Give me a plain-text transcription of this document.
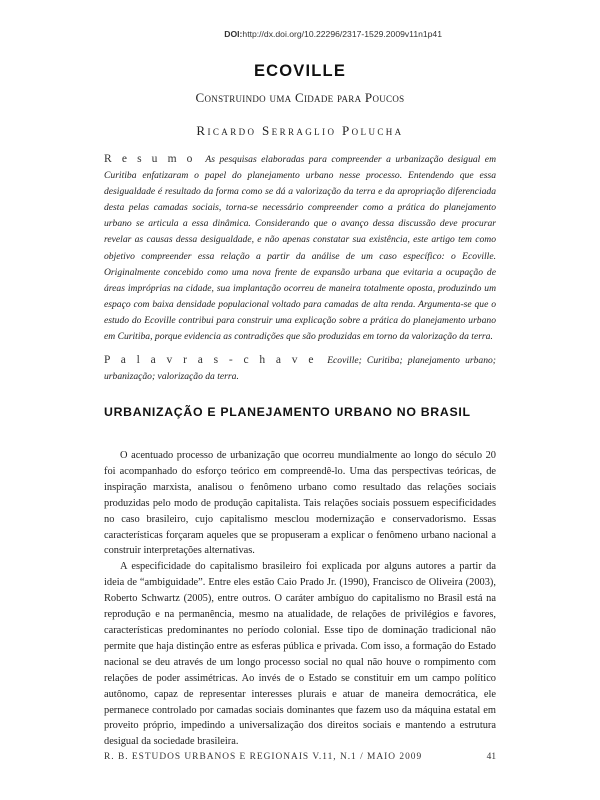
DOI:http://dx.doi.org/10.22296/2317-1529.2009v11n1p41
ECOVILLE
Construindo uma Cidade para Poucos
Ricardo Serraglio Polucha
R e s u m o As pesquisas elaboradas para compreender a urbanização desigual em Curitiba enfatizaram o papel do planejamento urbano nesse processo. Entendendo que essa desigualdade é resultado da forma como se dá a valorização da terra e da apropriação diferenciada desta pelas camadas sociais, torna-se necessário compreender como a prática do planejamento urbano se articula a essa dinâmica. Considerando que o avanço dessa discussão deve procurar revelar as causas dessa desigualdade, e não apenas constatar sua existência, este artigo tem como objetivo compreender essa relação a partir da análise de um caso específico: o Ecoville. Originalmente concebido como uma nova frente de expansão urbana que evitaria a ocupação de áreas impróprias na cidade, sua implantação ocorreu de maneira totalmente oposta, produzindo um espaço com baixa densidade populacional voltado para camadas de alta renda. Argumenta-se que o estudo do Ecoville contribui para construir uma explicação sobre a prática do planejamento urbano em Curitiba, porque evidencia as contradições que são produzidas em torno da valorização da terra.
P a l a v r a s - c h a v e Ecoville; Curitiba; planejamento urbano; urbanização; valorização da terra.
URBANIZAÇÃO E PLANEJAMENTO URBANO NO BRASIL

O acentuado processo de urbanização que ocorreu mundialmente ao longo do século 20 foi acompanhado do esforço teórico em compreendê-lo. Uma das perspectivas teóricas, de inspiração marxista, analisou o fenômeno urbano como resultado das relações sociais produzidas pelo modo de produção capitalista. Tais relações sociais possuem especificidades no caso brasileiro, cujo capitalismo mesclou modernização e conservadorismo. Essas características forçaram aqueles que se propuseram a explicar o fenômeno urbano nacional a construir interpretações alternativas.

A especificidade do capitalismo brasileiro foi explicada por alguns autores a partir da ideia de “ambiguidade”. Entre eles estão Caio Prado Jr. (1990), Francisco de Oliveira (2003), Roberto Schwartz (2005), entre outros. O caráter ambíguo do capitalismo no Brasil está na reprodução e na permanência, mesmo na atualidade, de relações de privilégios e favores, características predominantes no período colonial. Esse tipo de dominação tradicional não permite que haja distinção entre as esferas pública e privada. Com isso, a formação do Estado nacional se deu através de um longo processo social no qual não houve o rompimento com relações de poder assimétricas. Ao invés de o Estado se constituir em um campo político autônomo, capaz de representar interesses plurais e atuar de maneira democrática, ele permanece controlado por camadas sociais dominantes que fazem uso da máquina estatal em proveito próprio, impedindo a universalização dos direitos sociais e mantendo a estrutura desigual da sociedade brasileira.

R. B. ESTUDOS URBANOS E REGIONAIS V.11, N.1 / MAIO 2009	41
